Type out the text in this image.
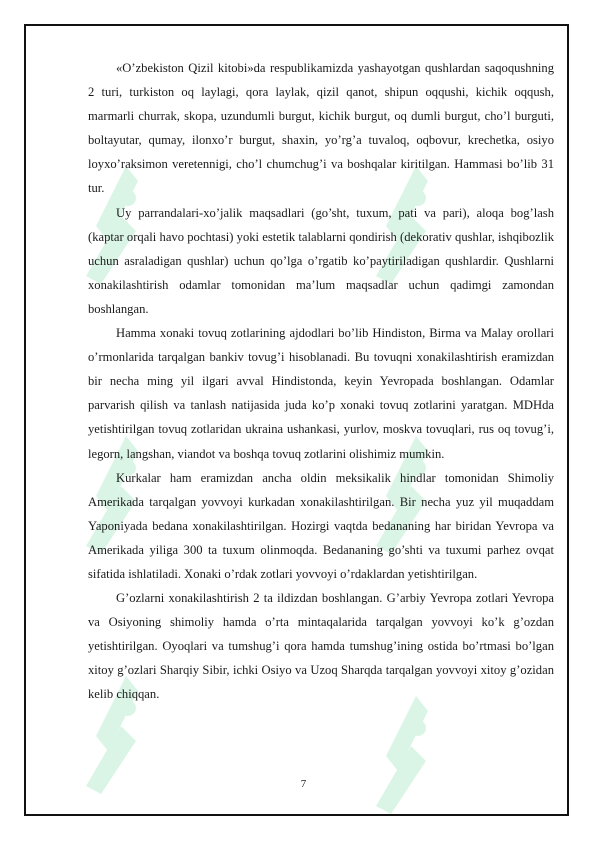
«O’zbekiston Qizil kitobi»da respublikamizda yashayotgan qushlardan saqoqushning 2 turi, turkiston oq laylagi, qora laylak, qizil qanot, shipun oqqushi, kichik oqqush, marmarli churrak, skopa, uzundumli burgut, kichik burgut, oq dumli burgut, cho’l burguti, boltayutar, qumay, ilonxo’r burgut, shaxin, yo’rg’a tuvaloq, oqbovur, krechetka, osiyo loyxo’raksimon veretennigi, cho’l chumchug’i va boshqalar kiritilgan. Hammasi bo’lib 31 tur.

Uy parrandalari-xo’jalik maqsadlari (go’sht, tuxum, pati va pari), aloqa bog’lash (kaptar orqali havo pochtasi) yoki estetik talablarni qondirish (dekorativ qushlar, ishqibozlik uchun asraladigan qushlar) uchun qo’lga o’rgatib ko’paytiriladigan qushlardir. Qushlarni xonakilashtirish odamlar tomonidan ma’lum maqsadlar uchun qadimgi zamondan boshlangan.

Hamma xonaki tovuq zotlarining ajdodlari bo’lib Hindiston, Birma va Malay orollari o’rmonlarida tarqalgan bankiv tovug’i hisoblanadi. Bu tovuqni xonakilashtirish eramizdan bir necha ming yil ilgari avval Hindistonda, keyin Yevropada boshlangan. Odamlar parvarish qilish va tanlash natijasida juda ko’p xonaki tovuq zotlarini yaratgan. MDHda yetishtirilgan tovuq zotlaridan ukraina ushankasi, yurlov, moskva tovuqlari, rus oq tovug’i, legorn, langshan, viandot va boshqa tovuq zotlarini olishimiz mumkin.

Kurkalar ham eramizdan ancha oldin meksikalik hindlar tomonidan Shimoliy Amerikada tarqalgan yovvoyi kurkadan xonakilashtirilgan. Bir necha yuz yil muqaddam Yaponiyada bedana xonakilashtirilgan. Hozirgi vaqtda bedananing har biridan Yevropa va Amerikada yiliga 300 ta tuxum olinmoqda. Bedananing go’shti va tuxumi parhez ovqat sifatida ishlatiladi. Xonaki o’rdak zotlari yovvoyi o’rdaklardan yetishtirilgan.

G’ozlarni xonakilashtirish 2 ta ildizdan boshlangan. G’arbiy Yevropa zotlari Yevropa va Osiyoning shimoliy hamda o’rta mintaqalarida tarqalgan yovvoyi ko’k g’ozdan yetishtirilgan. Oyoqlari va tumshug’i qora hamda tumshug’ining ostida bo’rtmasi bo’lgan xitoy g’ozlari Sharqiy Sibir, ichki Osiyo va Uzoq Sharqda tarqalgan yovvoyi xitoy g’ozidan kelib chiqqan.

7
